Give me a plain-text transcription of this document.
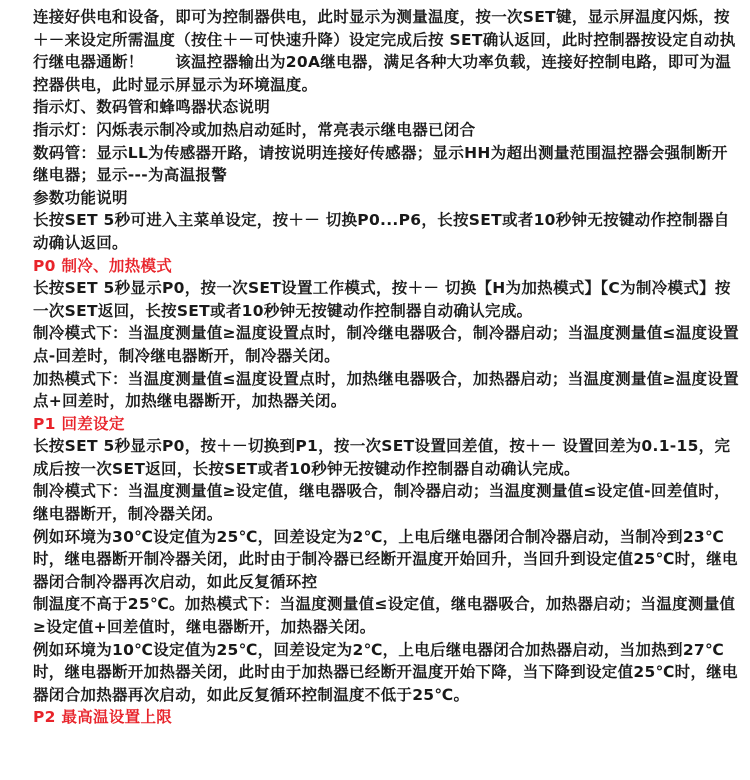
连接好供电和设备，即可为控制器供电，此时显示为测量温度，按一次SET键，显示屏温度闪烁，按＋－来设定所需温度（按住＋－可快速升降）设定完成后按 SET确认返回，此时控制器按设定自动执行继电器通断！　　该温控器输出为20A继电器，满足各种大功率负载，连接好控制电路，即可为温控器供电，此时显示屏显示为环境温度。

指示灯、数码管和蜂鸣器状态说明

指示灯：闪烁表示制冷或加热启动延时，常亮表示继电器已闭合

数码管：显示LL为传感器开路，请按说明连接好传感器；显示HH为超出测量范围温控器会强制断开继电器；显示---为高温报警

参数功能说明

长按SET 5秒可进入主菜单设定，按＋－ 切换P0...P6，长按SET或者10秒钟无按键动作控制器自动确认返回。

P0 制冷、加热模式

长按SET 5秒显示P0，按一次SET设置工作模式，按＋－ 切换【H为加热模式】【C为制冷模式】按一次SET返回，长按SET或者10秒钟无按键动作控制器自动确认完成。

制冷模式下：当温度测量值≥温度设置点时，制冷继电器吸合，制冷器启动；当温度测量值≤温度设置点-回差时，制冷继电器断开，制冷器关闭。

加热模式下：当温度测量值≤温度设置点时，加热继电器吸合，加热器启动；当温度测量值≥温度设置点+回差时，加热继电器断开，加热器关闭。

P1 回差设定

长按SET 5秒显示P0，按＋－切换到P1，按一次SET设置回差值，按＋－ 设置回差为0.1-15，完成后按一次SET返回，长按SET或者10秒钟无按键动作控制器自动确认完成。

制冷模式下：当温度测量值≥设定值，继电器吸合，制冷器启动；当温度测量值≤设定值-回差值时，继电器断开，制冷器关闭。

例如环境为30℃设定值为25℃，回差设定为2℃，上电后继电器闭合制冷器启动，当制冷到23℃时，继电器断开制冷器关闭，此时由于制冷器已经断开温度开始回升，当回升到设定值25℃时，继电器闭合制冷器再次启动，如此反复循环控

制温度不高于25℃。加热模式下：当温度测量值≤设定值，继电器吸合，加热器启动；当温度测量值≥设定值+回差值时，继电器断开，加热器关闭。

例如环境为10℃设定值为25℃，回差设定为2℃，上电后继电器闭合加热器启动，当加热到27℃时，继电器断开加热器关闭，此时由于加热器已经断开温度开始下降，当下降到设定值25℃时，继电器闭合加热器再次启动，如此反复循环控制温度不低于25℃。

P2 最高温设置上限
